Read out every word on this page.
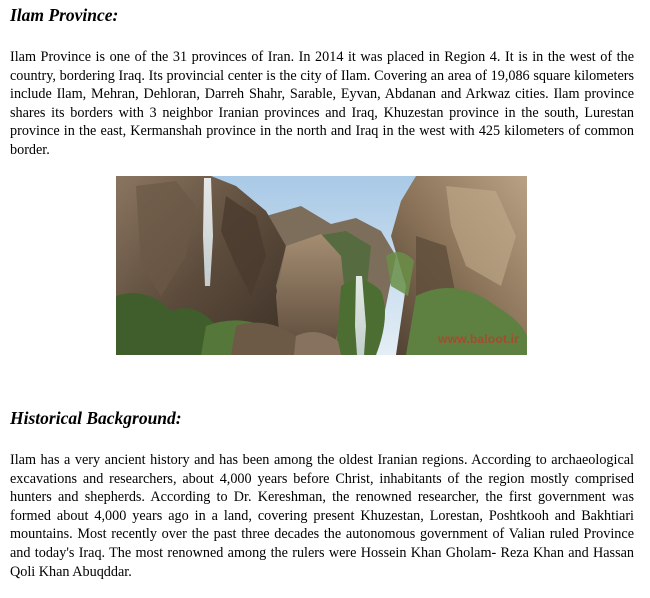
Ilam Province:

Ilam Province is one of the 31 provinces of Iran. In 2014 it was placed in Region 4. It is in the west of the country, bordering Iraq. Its provincial center is the city of Ilam. Covering an area of 19,086 square kilometers include Ilam, Mehran, Dehloran, Darreh Shahr, Sarable, Eyvan, Abdanan and Arkwaz cities. Ilam province shares its borders with 3 neighbor Iranian provinces and Iraq, Khuzestan province in the south, Lurestan province in the east, Kermanshah province in the north and Iraq in the west with 425 kilometers of common border.

www.baloot.ir
Historical Background:

Ilam has a very ancient history and has been among the oldest Iranian regions. According to archaeological excavations and researchers, about 4,000 years before Christ, inhabitants of the region mostly comprised hunters and shepherds. According to Dr. Kereshman, the renowned researcher, the first government was formed about 4,000 years ago in a land, covering present Khuzestan, Lorestan, Poshtkooh and Bakhtiari mountains. Most recently over the past three decades the autonomous government of Valian ruled Province and today's Iraq. The most renowned among the rulers were Hossein Khan Gholam- Reza Khan and Hassan Qoli Khan Abuqddar.
